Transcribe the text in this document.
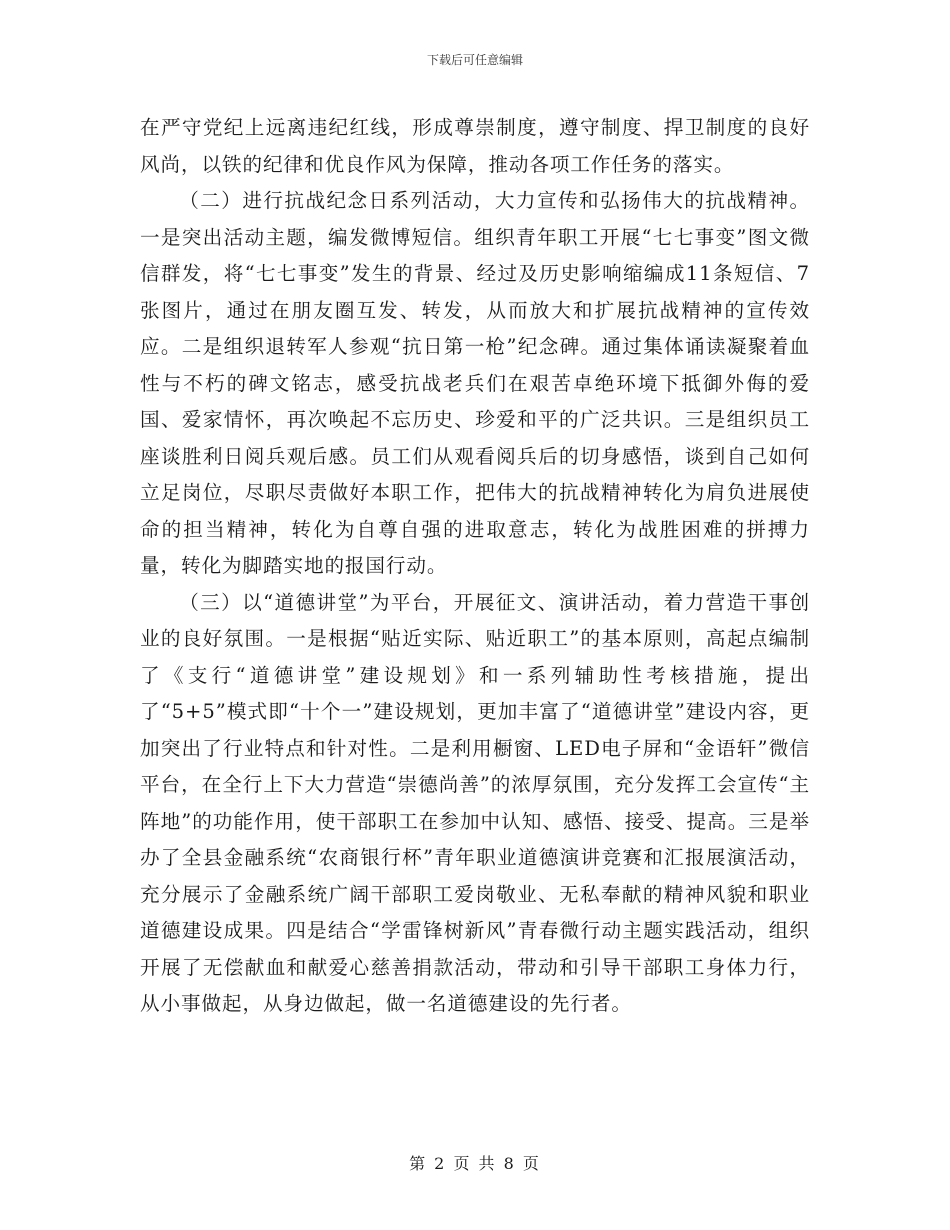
下载后可任意编辑

在严守党纪上远离违纪红线，形成尊崇制度，遵守制度、捍卫制度的良好风尚，以铁的纪律和优良作风为保障，推动各项工作任务的落实。

（二）进行抗战纪念日系列活动，大力宣传和弘扬伟大的抗战精神。一是突出活动主题，编发微博短信。组织青年职工开展“七七事变”图文微信群发，将“七七事变”发生的背景、经过及历史影响缩编成11条短信、7张图片，通过在朋友圈互发、转发，从而放大和扩展抗战精神的宣传效应。二是组织退转军人参观“抗日第一枪”纪念碑。通过集体诵读凝聚着血性与不朽的碑文铭志，感受抗战老兵们在艰苦卓绝环境下抵御外侮的爱国、爱家情怀，再次唤起不忘历史、珍爱和平的广泛共识。三是组织员工座谈胜利日阅兵观后感。员工们从观看阅兵后的切身感悟，谈到自己如何立足岗位，尽职尽责做好本职工作，把伟大的抗战精神转化为肩负进展使命的担当精神，转化为自尊自强的进取意志，转化为战胜困难的拼搏力量，转化为脚踏实地的报国行动。

（三）以“道德讲堂”为平台，开展征文、演讲活动，着力营造干事创业的良好氛围。一是根据“贴近实际、贴近职工”的基本原则，高起点编制了《支行“道德讲堂”建设规划》和一系列辅助性考核措施，提出了“5+5”模式即“十个一”建设规划，更加丰富了“道德讲堂”建设内容，更加突出了行业特点和针对性。二是利用橱窗、LED电子屏和“金语轩”微信平台，在全行上下大力营造“崇德尚善”的浓厚氛围，充分发挥工会宣传“主阵地”的功能作用，使干部职工在参加中认知、感悟、接受、提高。三是举办了全县金融系统“农商银行杯”青年职业道德演讲竞赛和汇报展演活动，充分展示了金融系统广阔干部职工爱岗敬业、无私奉献的精神风貌和职业道德建设成果。四是结合“学雷锋树新风”青春微行动主题实践活动，组织开展了无偿献血和献爱心慈善捐款活动，带动和引导干部职工身体力行，从小事做起，从身边做起，做一名道德建设的先行者。

第 2 页 共 8 页
